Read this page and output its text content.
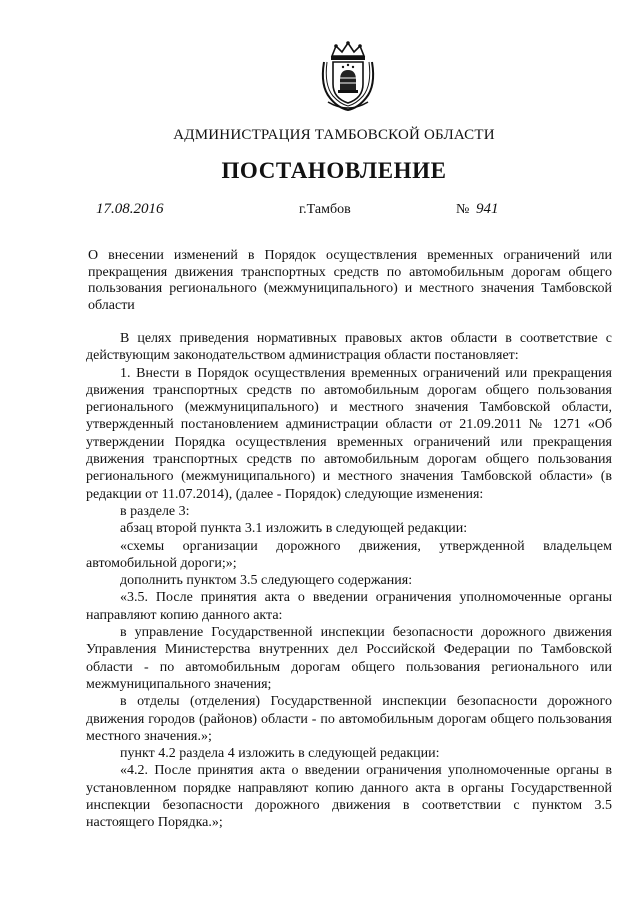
АДМИНИСТРАЦИЯ ТАМБОВСКОЙ ОБЛАСТИ
ПОСТАНОВЛЕНИЕ
17.08.2016	г.Тамбов	№ 941
О внесении изменений в Порядок осуществления временных ограничений или прекращения движения транспортных средств по автомобильным дорогам общего пользования регионального (межмуниципального) и местного значения Тамбовской области

В целях приведения нормативных правовых актов области в соответствие с действующим законодательством администрация области постановляет:

1. Внести в Порядок осуществления временных ограничений или прекращения движения транспортных средств по автомобильным дорогам общего пользования регионального (межмуниципального) и местного значения Тамбовской области, утвержденный постановлением администрации области от 21.09.2011 № 1271 «Об утверждении Порядка осуществления временных ограничений или прекращения движения транспортных средств по автомобильным дорогам общего пользования регионального (межмуниципального) и местного значения Тамбовской области» (в редакции от 11.07.2014), (далее - Порядок) следующие изменения:

в разделе 3:

абзац второй пункта 3.1 изложить в следующей редакции:

«схемы организации дорожного движения, утвержденной владельцем автомобильной дороги;»;

дополнить пунктом 3.5 следующего содержания:

«3.5. После принятия акта о введении ограничения уполномоченные органы направляют копию данного акта:

в управление Государственной инспекции безопасности дорожного движения Управления Министерства внутренних дел Российской Федерации по Тамбовской области - по автомобильным дорогам общего пользования регионального или межмуниципального значения;

в отделы (отделения) Государственной инспекции безопасности дорожного движения городов (районов) области - по автомобильным дорогам общего пользования местного значения.»;

пункт 4.2 раздела 4 изложить в следующей редакции:

«4.2. После принятия акта о введении ограничения уполномоченные органы в установленном порядке направляют копию данного акта в органы Государственной инспекции безопасности дорожного движения в соответствии с пунктом 3.5 настоящего Порядка.»;
